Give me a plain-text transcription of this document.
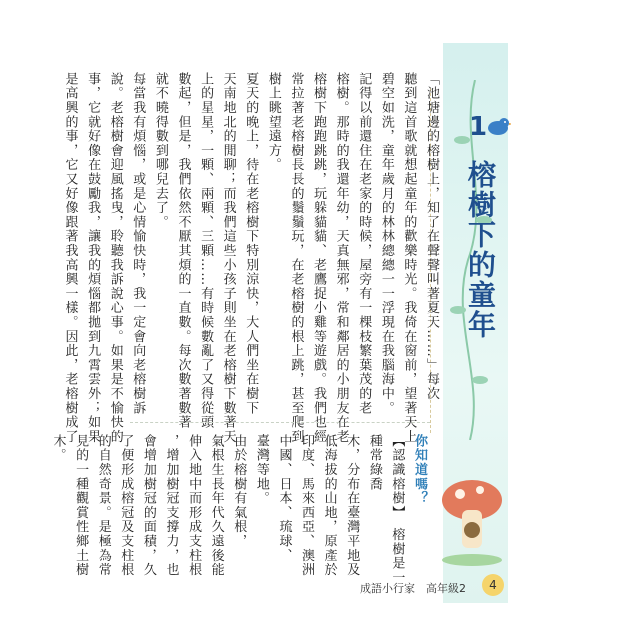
1
榕樹下的童年
「池塘邊的榕樹上，知了在聲聲叫著夏天……」每次
聽到這首歌就想起童年的歡樂時光。我倚在窗前，望著天上
碧空如洗，童年歲月的林林總總一一浮現在我腦海中。
記得以前還住在老家的時候，屋旁有一棵枝繁葉茂的老
榕樹。那時的我還年幼，天真無邪，常和鄰居的小朋友在老
榕樹下跑跑跳跳，玩躲貓貓、老鷹捉小雞等遊戲。我們也經
常拉著老榕樹長長的鬚鬚玩，在老榕樹的根上跳，甚至爬到
樹上眺望遠方。
夏天的晚上，待在老榕樹下特別涼快，大人們坐在樹下
天南地北的閒聊；而我們這些小孩子則坐在老榕樹下數著天
上的星星，一顆、兩顆、三顆……有時候數亂了又得從頭
數起，但是，我們依然不厭其煩的一直數。每次數著數著
就不曉得數到哪兒去了。
每當我有煩惱，或是心情愉快時，我一定會向老榕樹訴
說。老榕樹會迎風搖曳，聆聽我訴說心事。如果是不愉快的
事，它就好像在鼓勵我，讓我的煩惱都拋到九霄雲外；如果
是高興的事，它又好像跟著我高興一樣。因此，老榕樹成了
你知道嗎？
【認識榕樹】　榕樹是一種常綠喬
木，分布在臺灣平地及
低海拔的山地，原產於
印度、馬來西亞、澳洲
中國、日本、琉球、
臺灣等地。
由於榕樹有氣根，
氣根生長年代久遠後能
伸入地中而形成支柱根
，增加樹冠支撐力，也
會增加樹冠的面積，久
了便形成榕冠及支柱根
的自然奇景。是極為常
見的一種觀賞性鄉土樹
木。
成語小行家　高年級2	4
